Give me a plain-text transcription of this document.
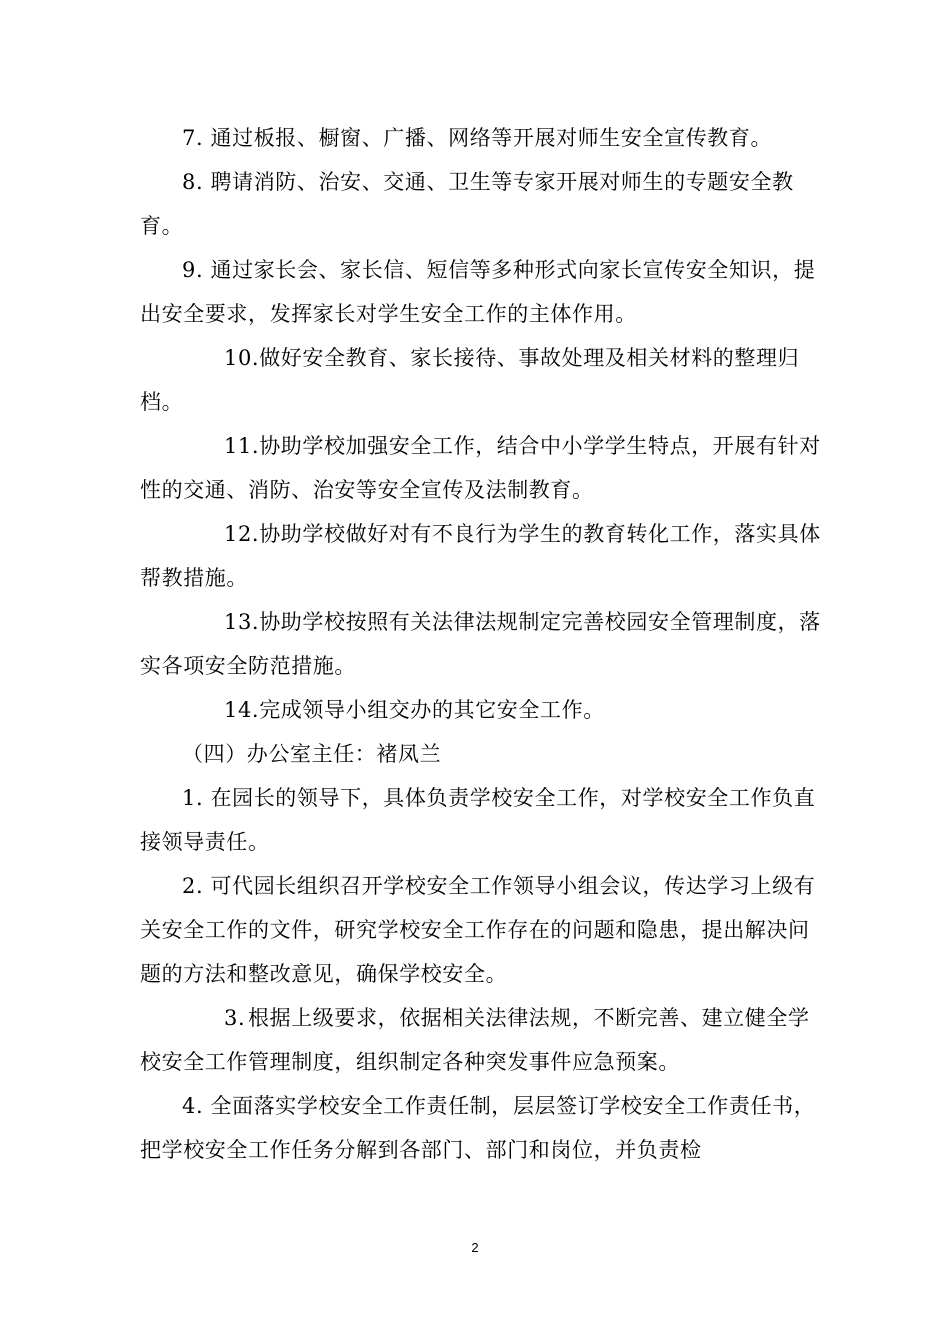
7. 通过板报、橱窗、广播、网络等开展对师生安全宣传教育。

8. 聘请消防、治安、交通、卫生等专家开展对师生的专题安全教育。

9. 通过家长会、家长信、短信等多种形式向家长宣传安全知识，提出安全要求，发挥家长对学生安全工作的主体作用。

10.做好安全教育、家长接待、事故处理及相关材料的整理归档。

11.协助学校加强安全工作，结合中小学学生特点，开展有针对性的交通、消防、治安等安全宣传及法制教育。

12.协助学校做好对有不良行为学生的教育转化工作，落实具体帮教措施。

13.协助学校按照有关法律法规制定完善校园安全管理制度，落实各项安全防范措施。

14.完成领导小组交办的其它安全工作。

（四）办公室主任：褚凤兰

1. 在园长的领导下，具体负责学校安全工作，对学校安全工作负直接领导责任。

2. 可代园长组织召开学校安全工作领导小组会议，传达学习上级有关安全工作的文件，研究学校安全工作存在的问题和隐患，提出解决问题的方法和整改意见，确保学校安全。

3. 根据上级要求，依据相关法律法规，不断完善、建立健全学校安全工作管理制度，组织制定各种突发事件应急预案。

4. 全面落实学校安全工作责任制，层层签订学校安全工作责任书，把学校安全工作任务分解到各部门、部门和岗位，并负责检

2
